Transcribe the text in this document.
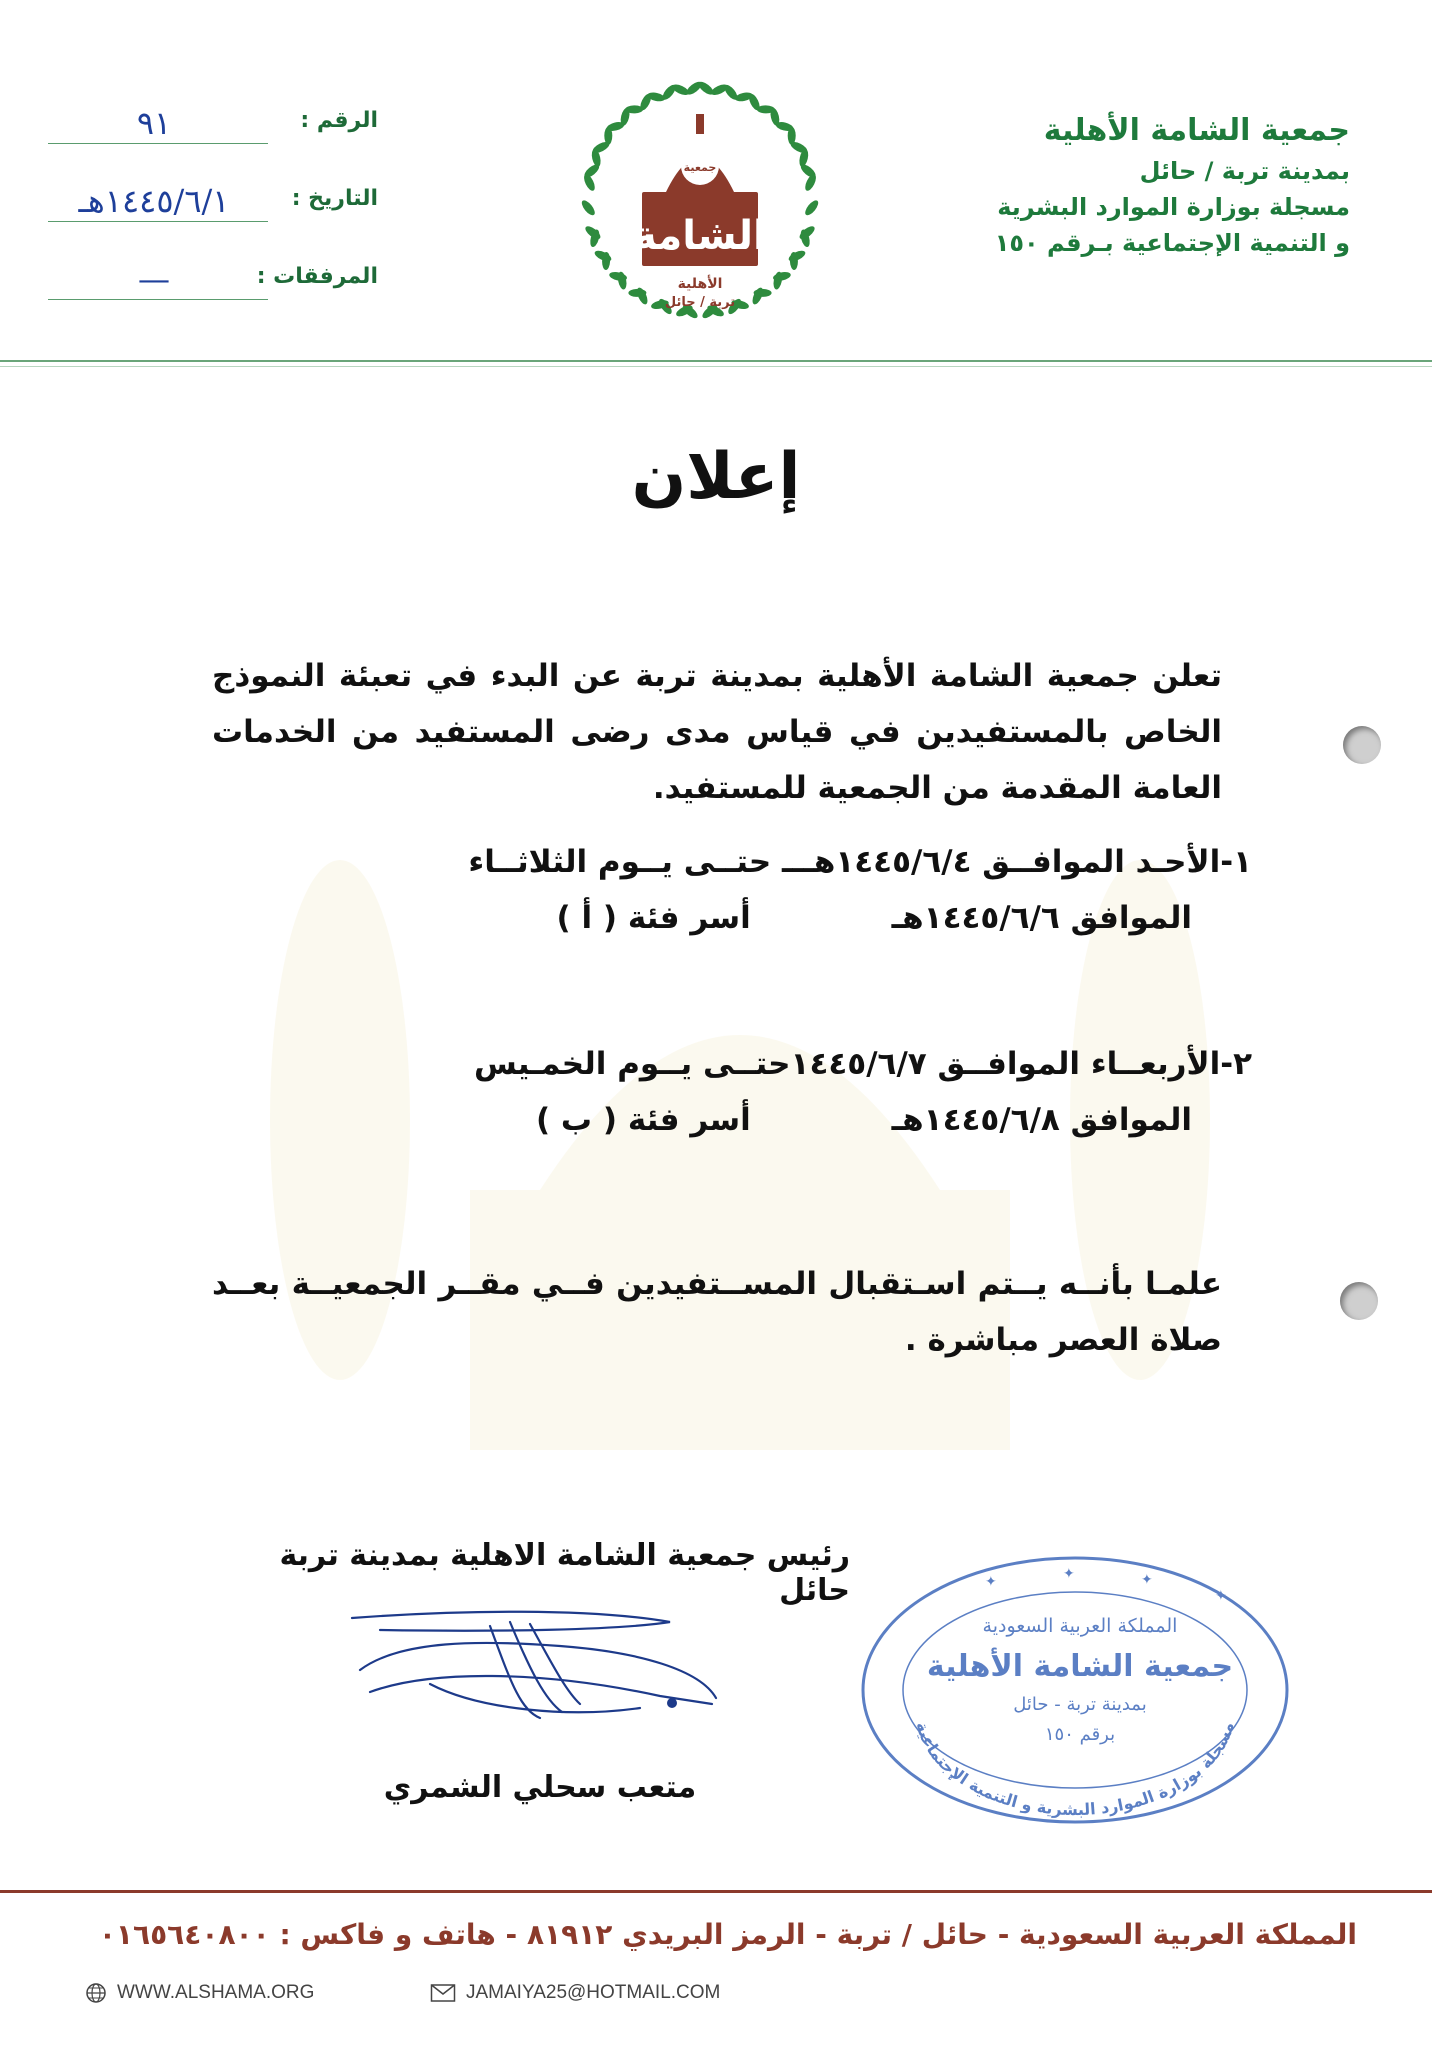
جمعية الشامة الأهلية
بمدينة تربة / حائل
مسجلة بوزارة الموارد البشرية
و التنمية الإجتماعية بـرقم ١٥٠
الرقم :
٩١
التاريخ :
١٤٤٥/٦/١هـ
المرفقات :
—
جمعية
الشامة
الأهلية
تربة / حائل
إعلان
تعلن جمعية الشامة الأهلية بمدينة تربة عن البدء في تعبئة النموذج الخاص بالمستفيدين في قياس مدى رضى المستفيد من الخدمات العامة المقدمة من الجمعية للمستفيد.
١-الأحـد الموافــق ١٤٤٥/٦/٤هـــ حتــى يــوم الثلاثــاء
الموافق ١٤٤٥/٦/٦هـ أسر فئة ( أ )
٢-الأربعــاء الموافــق ١٤٤٥/٦/٧حتــى يــوم الخمـيس
الموافق ١٤٤٥/٦/٨هـ أسر فئة ( ب )
علمـا بأنــه يــتم اسـتقبال المســتفيدين فــي مقــر الجمعيــة بعــد صلاة العصر مباشرة .
رئيس جمعية الشامة الاهلية بمدينة تربة حائل
متعب سحلي الشمري
مسجلة بوزارة الموارد البشرية و التنمية الإجتماعية
المملكة العربية السعودية
جمعية الشامة الأهلية
بمدينة تربة - حائل
برقم ١٥٠
✦	✦	✦
✦
المملكة العربية السعودية - حائل / تربة - الرمز البريدي ٨١٩١٢ - هاتف و فاكس : ٠١٦٥٦٤٠٨٠٠
WWW.ALSHAMA.ORG	JAMAIYA25@HOTMAIL.COM
